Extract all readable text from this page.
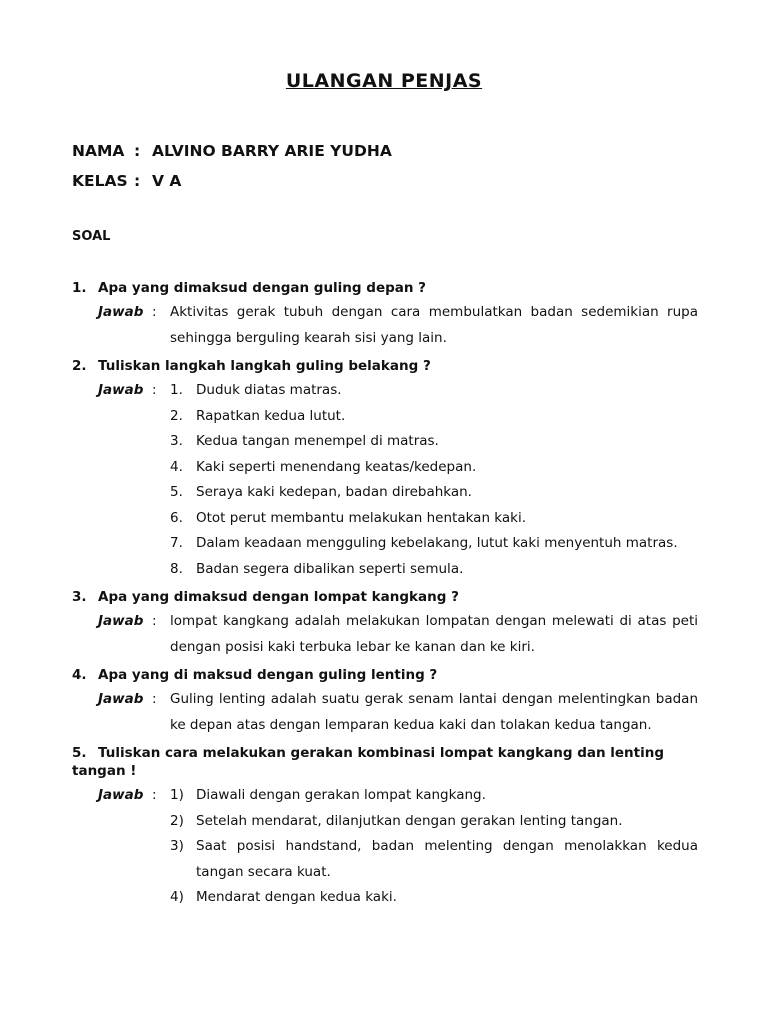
ULANGAN PENJAS
NAMA : ALVINO BARRY ARIE YUDHA
KELAS : V A
SOAL
1. Apa yang dimaksud dengan guling depan ?
Jawab : Aktivitas gerak tubuh dengan cara membulatkan badan sedemikian rupa sehingga berguling kearah sisi yang lain.
2. Tuliskan langkah langkah guling belakang ?
Jawab : 1. Duduk diatas matras.
2. Rapatkan kedua lutut.
3. Kedua tangan menempel di matras.
4. Kaki seperti menendang keatas/kedepan.
5. Seraya kaki kedepan, badan direbahkan.
6. Otot perut membantu melakukan hentakan kaki.
7. Dalam keadaan mengguling kebelakang, lutut kaki menyentuh matras.
8. Badan segera dibalikan seperti semula.
3. Apa yang dimaksud dengan lompat kangkang ?
Jawab : lompat kangkang adalah melakukan lompatan dengan melewati di atas peti dengan posisi kaki terbuka lebar ke kanan dan ke kiri.
4. Apa yang di maksud dengan guling lenting ?
Jawab : Guling lenting adalah suatu gerak senam lantai dengan melentingkan badan ke depan atas dengan lemparan kedua kaki dan tolakan kedua tangan.
5. Tuliskan cara melakukan gerakan kombinasi lompat kangkang dan lenting tangan !
Jawab : 1) Diawali dengan gerakan lompat kangkang.
2) Setelah mendarat, dilanjutkan dengan gerakan lenting tangan.
3) Saat posisi handstand, badan melenting dengan menolakkan kedua tangan secara kuat.
4) Mendarat dengan kedua kaki.
